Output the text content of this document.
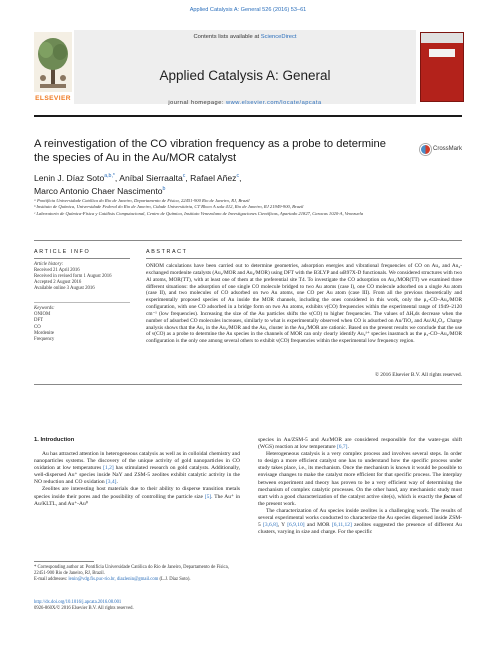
Applied Catalysis A: General 526 (2016) 53–61
Contents lists available at ScienceDirect
Applied Catalysis A: General
ELSEVIER
journal homepage: www.elsevier.com/locate/apcata
A reinvestigation of the CO vibration frequency as a probe to determine the species of Au in the Au/MOR catalyst
CrossMark
Lenin J. Díaz Soto$^{a,b,*}$, Aníbal Sierraalta$^c$, Rafael Añez$^c$,
Marco Antonio Chaer Nascimento$^b$
ᵃ Pontifícia Universidade Católica do Rio de Janeiro, Departamento de Física, 22451-900 Rio de Janeiro, RJ, Brazil
ᵇ Instituto de Química, Universidade Federal do Rio de Janeiro, Cidade Universitária, CT Bloco A sala 412, Rio de Janeiro, RJ 21949-900, Brazil
ᶜ Laboratorio de Química-Física y Catálisis Computacional, Centro de Química, Instituto Venezolano de Investigaciones Científicas, Apartado 21827, Caracas 1020-A, Venezuela
ARTICLE INFO
Article history:
Received 21 April 2016
Received in revised form 1 August 2016
Accepted 2 August 2016
Available online 3 August 2016
Keywords:
ONIOM
DFT
CO
Mordenite
Frequency
ABSTRACT
ONIOM calculations have been carried out to determine geometries, adsorption energies and vibrational frequencies of CO on Au₂ and Au₄-exchanged mordenite catalysts (Au₂/MOR and Au₄/MOR) using DFT with the B3LYP and ωB97X-D functionals. We considered structures with two Al atoms, MOR(TT), with at least one of them at the preferential site T4. To investigate the CO adsorption on Au₂/MOR(TT) we examined three different situations: the adsorption of one single CO molecule bridged to two Au atoms (case I), one CO molecule adsorbed on a single Au atom (case II), and two molecules of CO adsorbed on two Au atoms, one CO per Au atom (case III). From all the previous theoretically and experimentally proposed species of Au inside the MOR channels, including the ones considered in this work, only the μ₂-CO–Au₂/MOR configuration, with one CO adsorbed in a bridge form on two Au atoms, exhibits ν(CO) frequencies within the experimental range of 1949–2120 cm⁻¹ (low frequencies). Increasing the size of the Au particles shifts the ν(CO) to higher frequencies. The values of ΔHₐds decrease when the number of adsorbed CO molecules increases, similarly to what is experimentally observed when CO is adsorbed on Au/TiO₂ and Au/Al₂O₃. Charge analysis shows that the Au₂ in the Au₂/MOR and the Au₄ cluster in the Au₄/MOR are cationic. Based on the present results we conclude that the use of ν(CO) as a probe to determine the Au species in the channels of MOR can only clearly identify Au₂ᵟ⁺ species inasmuch as the μ₂-CO–Au₂/MOR configuration is the only one among several others to exhibit ν(CO) frequencies within the experimental low frequency region.
© 2016 Elsevier B.V. All rights reserved.
1. Introduction

Au has attracted attention in heterogeneous catalysis as well as in colloidal chemistry and nanoparticles systems. The discovery of the unique activity of gold nanoparticles in CO oxidation at low temperatures [1,2] has stimulated research on gold catalysts. Additionally, well-dispersed Au⁺ species inside NaY and ZSM-5 zeolites exhibit catalytic activity in the NO reduction and CO oxidation [3,4].

Zeolites are interesting host materials due to their ability to disperse transition metals species inside their pores and the possibility of controlling the particle size [5]. The Au⁺ in Au/KLTL, and Au⁺-Au⁰

species in Au/ZSM-5 and Au/MOR are considered responsible for the water-gas shift (WGS) reaction at low temperature [6,7].

Heterogeneous catalysis is a very complex process and involves several steps. In order to design a more efficient catalyst one has to understand how the specific process under study takes place, i.e., its mechanism. Once the mechanism is known it would be possible to envisage changes to make the catalyst more efficient for that specific process. The interplay between experiment and theory has proven to be a very efficient way of determining the mechanism of complex catalytic processes. On the other hand, any mechanistic study must start with a good characterization of the catalyst active site(s), which is exactly the focus of the present work.

The characterization of Au species inside zeolites is a challenging work. The results of several experimental works conducted to characterize the Au species dispersed inside ZSM-5 [3,6,8], Y [6,9,10] and MOR [6,11,12] zeolites suggested the presence of different Au clusters, varying in size and charge. For the specific

* Corresponding author at: Pontifícia Universidade Católica do Rio de Janeiro, Departamento de Física, 22451-900 Rio de Janeiro, RJ, Brazil.
E-mail addresses: lenin@vdg.fis.puc-rio.br, diazlenin@gmail.com (L.J. Díaz Soto).
http://dx.doi.org/10.1016/j.apcata.2016.08.001
0926-860X/© 2016 Elsevier B.V. All rights reserved.
